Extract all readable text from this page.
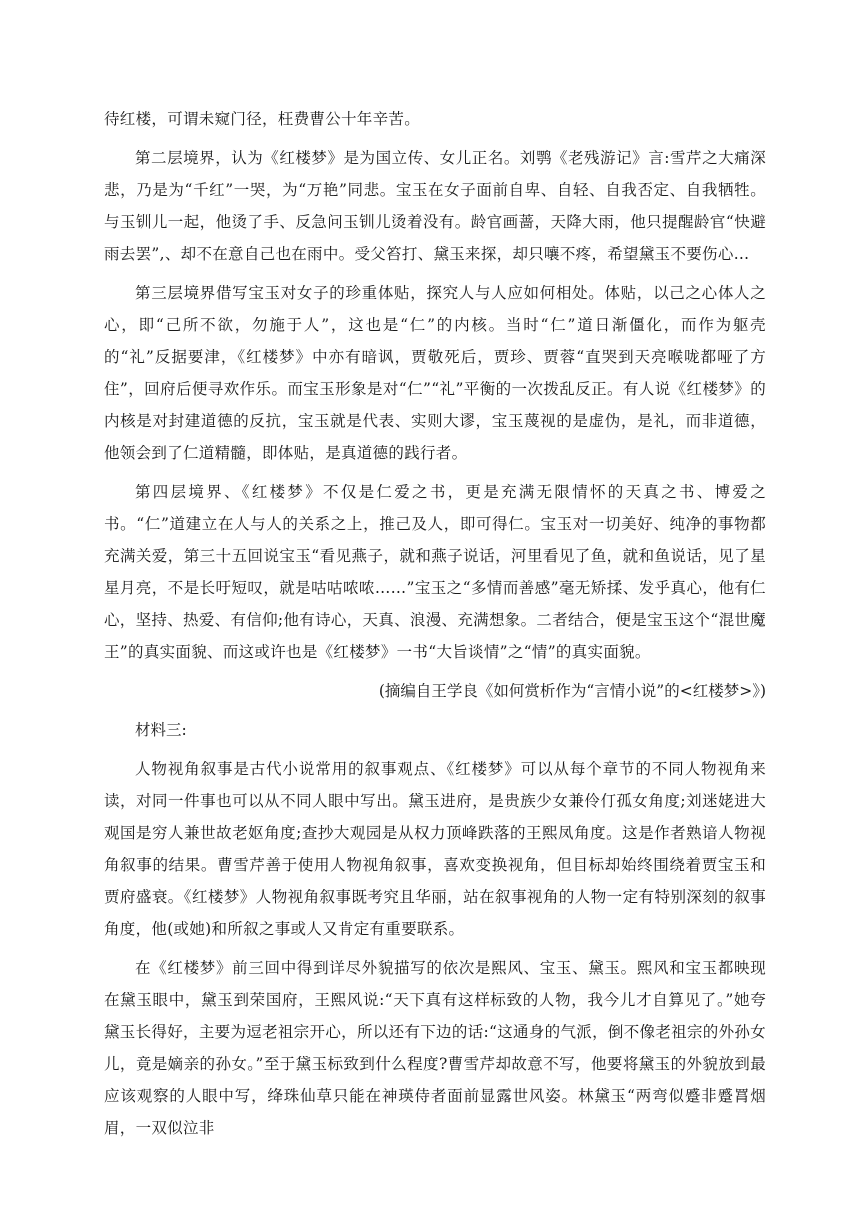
待红楼，可谓未窥门径，枉费曹公十年辛苦。

第二层境界，认为《红楼梦》是为国立传、女儿正名。刘鹗《老残游记》言:雪芹之大痛深悲，乃是为“千红”一哭，为“万艳”同悲。宝玉在女子面前自卑、自轻、自我否定、自我牺牲。与玉钏儿一起，他烫了手、反急问玉钏儿烫着没有。龄官画蔷，天降大雨，他只提醒龄官“快避雨去罢”,、却不在意自己也在雨中。受父笞打、黛玉来探，却只嚷不疼，希望黛玉不要伤心…

第三层境界借写宝玉对女子的珍重体贴，探究人与人应如何相处。体贴，以己之心体人之心，即“己所不欲，勿施于人”，这也是“仁”的内核。当时“仁”道日渐僵化，而作为躯壳的“礼”反据要津，《红楼梦》中亦有暗讽，贾敬死后，贾珍、贾蓉“直哭到天亮喉咙都哑了方住”，回府后便寻欢作乐。而宝玉形象是对“仁”“礼”平衡的一次拨乱反正。有人说《红楼梦》的内核是对封建道德的反抗，宝玉就是代表、实则大谬，宝玉蔑视的是虚伪，是礼，而非道德，他领会到了仁道精髓，即体贴，是真道德的践行者。

第四层境界、《红楼梦》不仅是仁爱之书，更是充满无限情怀的天真之书、博爱之书。“仁”道建立在人与人的关系之上，推己及人，即可得仁。宝玉对一切美好、纯净的事物都充满关爱，第三十五回说宝玉“看见燕子，就和燕子说话，河里看见了鱼，就和鱼说话，见了星星月亮，不是长吁短叹，就是咕咕哝哝……”宝玉之“多情而善感”毫无矫揉、发乎真心，他有仁心，坚持、热爱、有信仰;他有诗心，天真、浪漫、充满想象。二者结合，便是宝玉这个“混世魔王”的真实面貌、而这或许也是《红楼梦》一书“大旨谈情”之“情”的真实面貌。

(摘编自王学良《如何赏析作为“言情小说”的<红楼梦>》)

材料三:

人物视角叙事是古代小说常用的叙事观点、《红楼梦》可以从每个章节的不同人物视角来读，对同一件事也可以从不同人眼中写出。黛玉进府，是贵族少女兼伶仃孤女角度;刘迷姥进大观国是穷人兼世故老妪角度;查抄大观园是从权力顶峰跌落的王熙凤角度。这是作者熟谙人物视角叙事的结果。曹雪芹善于使用人物视角叙事，喜欢变换视角，但目标却始终围绕着贾宝玉和贾府盛衰。《红楼梦》人物视角叙事既考究且华丽，站在叙事视角的人物一定有特别深刻的叙事角度，他(或她)和所叙之事或人又肯定有重要联系。

在《红楼梦》前三回中得到详尽外貌描写的依次是熙风、宝玉、黛玉。熙风和宝玉都映现在黛玉眼中，黛玉到荣国府，王熙风说:“天下真有这样标致的人物，我今儿才自算见了。”她夸黛玉长得好，主要为逗老祖宗开心，所以还有下边的话:“这通身的气派，倒不像老祖宗的外孙女儿，竟是嫡亲的孙女。”至于黛玉标致到什么程度?曹雪芹却故意不写，他要将黛玉的外貌放到最应该观察的人眼中写，绛珠仙草只能在神瑛侍者面前显露世风姿。林黛玉“两弯似蹙非蹙罥烟眉，一双似泣非
